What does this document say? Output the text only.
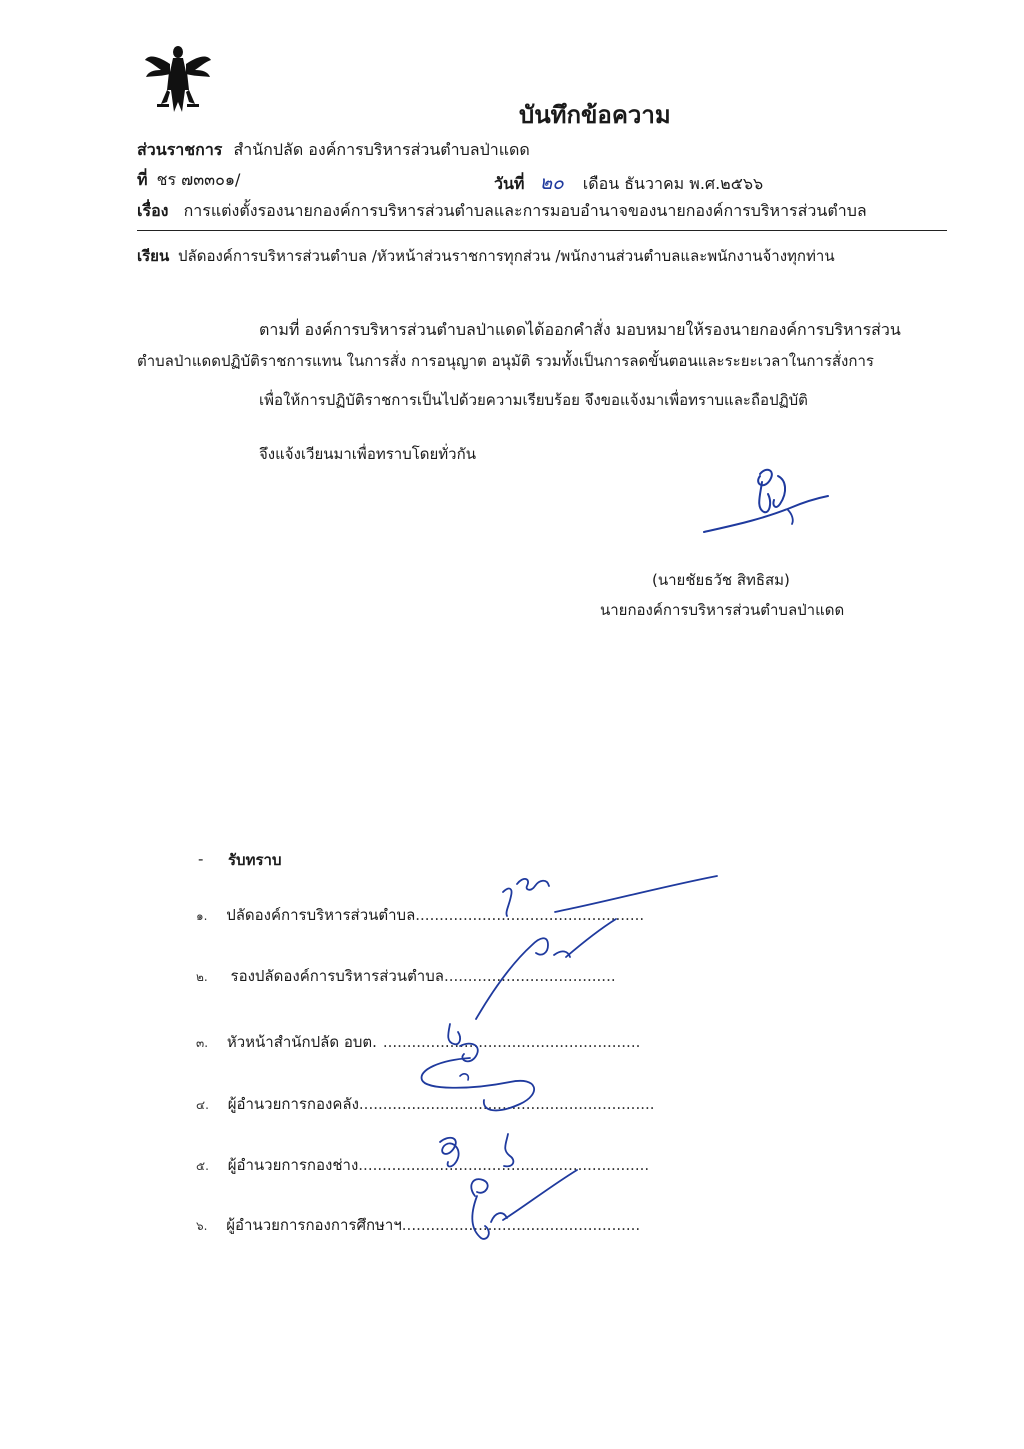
บันทึกข้อความ
ส่วนราชการ สำนักปลัด องค์การบริหารส่วนตำบลป่าแดด
ที่ ชร ๗๓๓๐๑/	วันที่ ๒๐ เดือน ธันวาคม พ.ศ.๒๕๖๖
เรื่อง การแต่งตั้งรองนายกองค์การบริหารส่วนตำบลและการมอบอำนาจของนายกองค์การบริหารส่วนตำบล
เรียน ปลัดองค์การบริหารส่วนตำบล /หัวหน้าส่วนราชการทุกส่วน /พนักงานส่วนตำบลและพนักงานจ้างทุกท่าน
ตามที่ องค์การบริหารส่วนตำบลป่าแดดได้ออกคำสั่ง มอบหมายให้รองนายกองค์การบริหารส่วน
ตำบลป่าแดดปฏิบัติราชการแทน ในการสั่ง การอนุญาต อนุมัติ รวมทั้งเป็นการลดขั้นตอนและระยะเวลาในการสั่งการ
เพื่อให้การปฏิบัติราชการเป็นไปด้วยความเรียบร้อย จึงขอแจ้งมาเพื่อทราบและถือปฏิบัติ
จึงแจ้งเวียนมาเพื่อทราบโดยทั่วกัน
(นายชัยธวัช สิทธิสม)
นายกองค์การบริหารส่วนตำบลป่าแดด
- รับทราบ
๑. ปลัดองค์การบริหารส่วนตำบล................................................
๒. รองปลัดองค์การบริหารส่วนตำบล....................................
๓. หัวหน้าสำนักปลัด อบต. ......................................................
๔. ผู้อำนวยการกองคลัง..............................................................
๕. ผู้อำนวยการกองช่าง.............................................................
๖. ผู้อำนวยการกองการศึกษาฯ..................................................
